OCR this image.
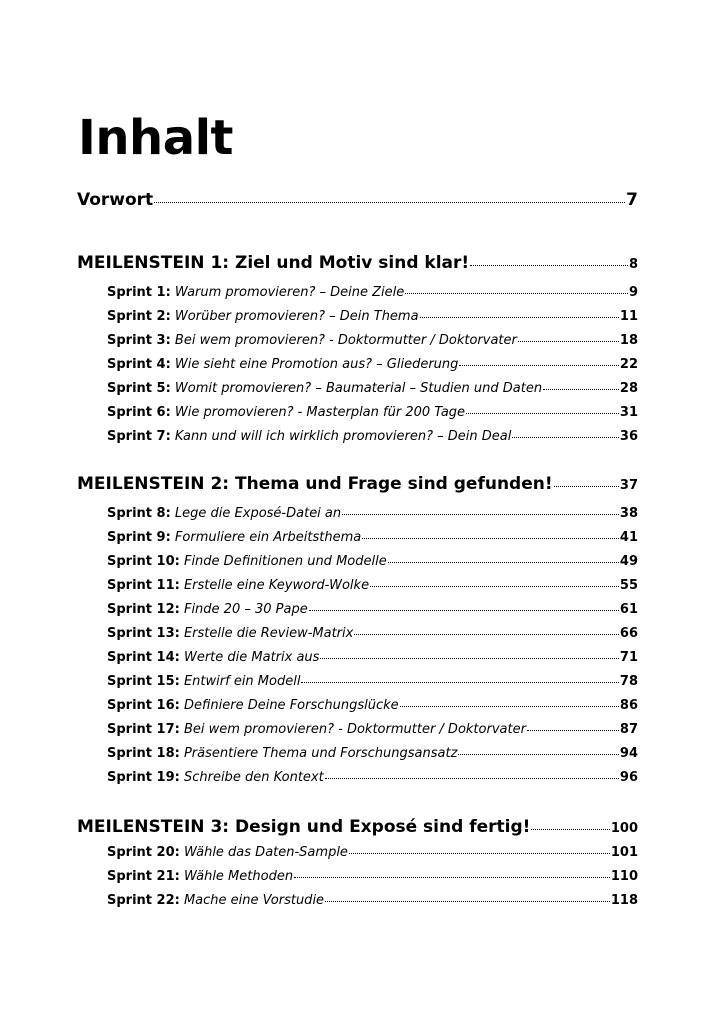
Inhalt
Vorwort	7
MEILENSTEIN 1: Ziel und Motiv sind klar!	8
Sprint 1: Warum promovieren? – Deine Ziele	9
Sprint 2: Worüber promovieren? – Dein Thema	11
Sprint 3: Bei wem promovieren? - Doktormutter / Doktorvater	18
Sprint 4: Wie sieht eine Promotion aus? – Gliederung	22
Sprint 5: Womit promovieren? – Baumaterial – Studien und Daten	28
Sprint 6: Wie promovieren? - Masterplan für 200 Tage	31
Sprint 7: Kann und will ich wirklich promovieren? – Dein Deal	36
MEILENSTEIN 2: Thema und Frage sind gefunden!	37
Sprint 8: Lege die Exposé-Datei an	38
Sprint 9: Formuliere ein Arbeitsthema	41
Sprint 10: Finde Definitionen und Modelle	49
Sprint 11: Erstelle eine Keyword-Wolke	55
Sprint 12: Finde 20 – 30 Pape	61
Sprint 13: Erstelle die Review-Matrix	66
Sprint 14: Werte die Matrix aus	71
Sprint 15: Entwirf ein Modell	78
Sprint 16: Definiere Deine Forschungslücke	86
Sprint 17: Bei wem promovieren? - Doktormutter / Doktorvater	87
Sprint 18: Präsentiere Thema und Forschungsansatz	94
Sprint 19: Schreibe den Kontext	96
MEILENSTEIN 3: Design und Exposé sind fertig!	100
Sprint 20: Wähle das Daten-Sample	101
Sprint 21: Wähle Methoden	110
Sprint 22: Mache eine Vorstudie	118
